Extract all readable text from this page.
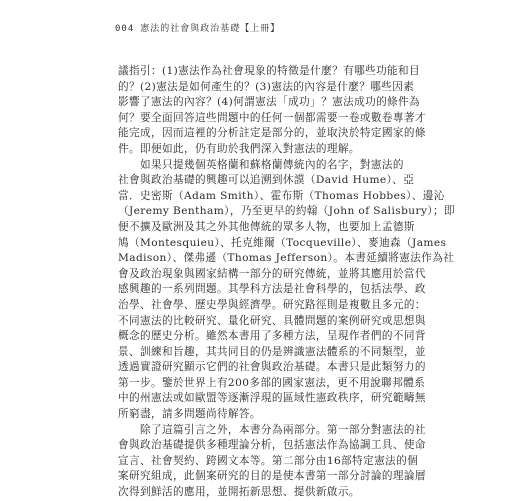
004 憲法的社會與政治基礎【上冊】
議指引：(1)憲法作為社會現象的特徵是什麼？有哪些功能和目
的？(2)憲法是如何產生的？(3)憲法的內容是什麼？哪些因素
影響了憲法的內容？(4)何謂憲法「成功」？憲法成功的條件為
何？要全面回答這些問題中的任何一個都需要一卷或數卷專著才
能完成，因而這裡的分析註定是部分的，並取決於特定國家的條
件。即便如此，仍有助於我們深入對憲法的理解。
　　如果只提幾個英格蘭和蘇格蘭傳統內的名字，對憲法的
社會與政治基礎的興趣可以追溯到休謨（David Hume）、亞
當．史密斯（Adam Smith）、霍布斯（Thomas Hobbes）、邊沁
（Jeremy Bentham），乃至更早的約翰（John of Salisbury）；即
便不擴及歐洲及其之外其他傳統的眾多人物，也要加上孟德斯
鳩（Montesquieu）、托克維爾（Tocqueville）、麥迪森（James
Madison）、傑弗遜（Thomas Jefferson）。本書延續將憲法作為社
會及政治現象與國家結構一部分的研究傳統，並將其應用於當代
感興趣的一系列問題。其學科方法是社會科學的，包括法學、政
治學、社會學、歷史學與經濟學。研究路徑則是複數且多元的：
不同憲法的比較研究、量化研究、具體問題的案例研究或思想與
概念的歷史分析。雖然本書用了多種方法，呈現作者們的不同背
景、訓練和旨趣，其共同目的仍是辨識憲法體系的不同類型，並
透過實證研究顯示它們的社會與政治基礎。本書只是此類努力的
第一步。鑒於世界上有200多部的國家憲法，更不用說聯邦體系
中的州憲法或如歐盟等逐漸浮現的區域性憲政秩序，研究範疇無
所窮盡，請多問題尚待解答。
　　除了這篇引言之外，本書分為兩部分。第一部分對憲法的社
會與政治基礎提供多種理論分析，包括憲法作為協調工具、使命
宣言、社會契約、跨國文本等。第二部分由16部特定憲法的個
案研究組成，此個案研究的目的是使本書第一部分討論的理論層
次得到鮮活的應用，並開拓新思想、提供新啟示。
